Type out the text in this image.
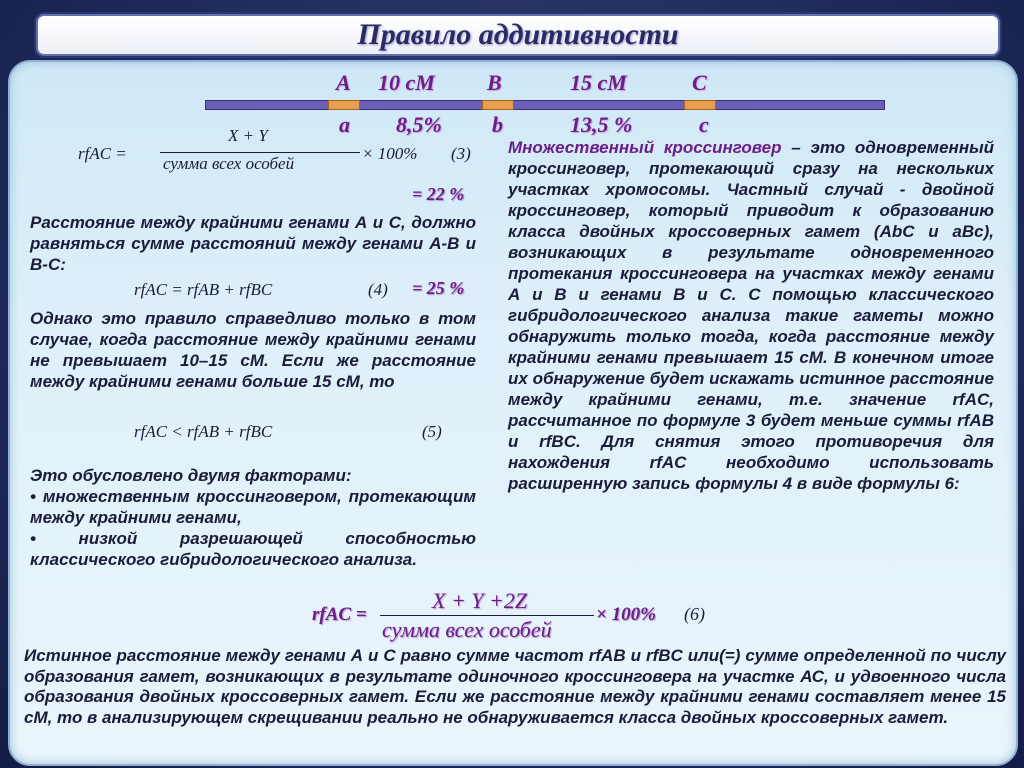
Правило аддитивности
A 10 сМ B	15 сМ	C
a 8,5% b	13,5 %	c
rfAC =
X + Y
сумма всех особей
× 100% (3)
= 22 %
Расстояние между крайними генами А и С, должно равняться сумме расстояний между генами А-В и В-С:
rfAC = rfAB + rfBC	(4) = 25 %
Однако это правило справедливо только в том случае, когда расстояние между крайними генами не превышает 10–15 сМ. Если же расстояние между крайними генами больше 15 сМ, то
rfAC < rfAB + rfBC	(5)

Это обусловлено двумя факторами:

• множественным кроссинговером, протекающим между крайними генами,

• низкой разрешающей способностью классического гибридологического анализа.

Множественный кроссинговер – это одновременный кроссинговер, протекающий сразу на нескольких участках хромосомы. Частный случай - двойной кроссинговер, который приводит к образованию класса двойных кроссоверных гамет (AbC и aBc), возникающих в результате одновременного протекания кроссинговера на участках между генами А и В и генами В и С. С помощью классического гибридологического анализа такие гаметы можно обнаружить только тогда, когда расстояние между крайними генами превышает 15 сМ. В конечном итоге их обнаружение будет искажать истинное расстояние между крайними генами, т.е. значение rfAC, рассчитанное по формуле 3 будет меньше суммы rfAB и rfBC. Для снятия этого противоречия для нахождения rfAC необходимо использовать расширенную запись формулы 4 в виде формулы 6:
rfAC =
X + Y +2Z
сумма всех особей
× 100% (6)
Истинное расстояние между генами А и С равно сумме частот rfAB и rfBC или(=) сумме определенной по числу образования гамет, возникающих в результате одиночного кроссинговера на участке АС, и удвоенного числа образования двойных кроссоверных гамет. Если же расстояние между крайними генами составляет менее 15 сМ, то в анализирующем скрещивании реально не обнаруживается класса двойных кроссоверных гамет.
